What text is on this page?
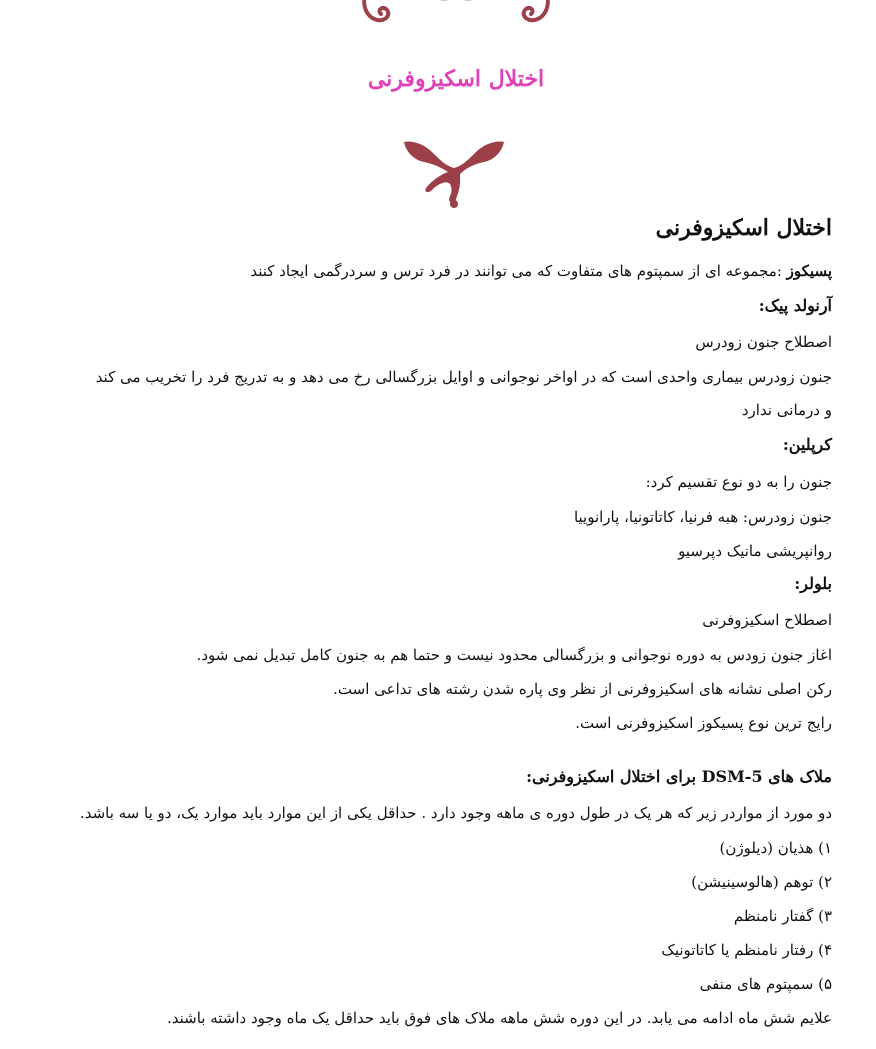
اختلال اسکیزوفرنی
اختلال اسکیزوفرنی
پسیکوز :مجموعه ای از سمپتوم های متفاوت که می توانند در فرد ترس و سردرگمی ایجاد کنند
آرنولد پیک:
اصطلاح جنون زودرس
جنون زودرس بیماری واحدی است که در اواخر نوجوانی و اوایل بزرگسالی رخ می دهد و به تدریج فرد را تخریب می کند و درمانی ندارد
کرپلین:
جنون را به دو نوع تقسیم کرد:
جنون زودرس: هبه فرنیا، کاتاتونیا، پارانوییا
روانپریشی مانیک دپرسیو
بلولر:
اصطلاح اسکیزوفرنی
اغاز جنون زودس به دوره نوجوانی و بزرگسالی محدود نیست و حتما هم به جنون کامل تبدیل نمی شود.
رکن اصلی نشانه های اسکیزوفرنی از نظر وی پاره شدن رشته های تداعی است.
رایج ترین نوع پسیکوز اسکیزوفرنی است.
ملاک های DSM-5 برای اختلال اسکیزوفرنی:
دو مورد از مواردر زیر که هر یک در طول دوره ی ماهه وجود دارد . حداقل یکی از این موارد باید موارد یک، دو یا سه باشد.
۱) هذیان (دیلوژن)
۲) توهم (هالوسینیشن)
۳) گفتار نامنظم
۴) رفتار نامنظم یا کاتاتونیک
۵) سمپتوم های منفی
علایم شش ماه ادامه می یابد. در این دوره شش ماهه ملاک های فوق باید حداقل یک ماه وجود داشته باشند.
